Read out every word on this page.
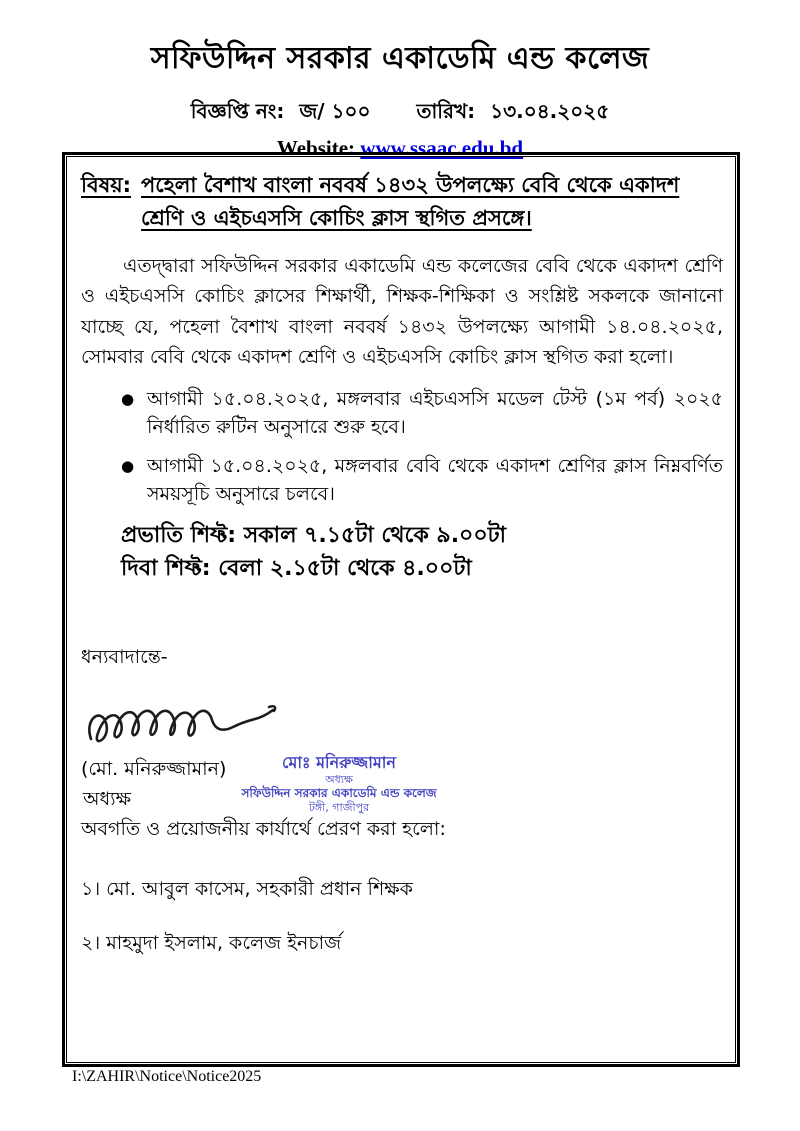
সফিউদ্দিন সরকার একাডেমি এন্ড কলেজ
বিজ্ঞপ্তি নং: জ/ ১০০ তারিখ: ১৩.০৪.২০২৫
Website: www.ssaac.edu.bd
বিষয়: পহেলা বৈশাখ বাংলা নববর্ষ ১৪৩২ উপলক্ষ্যে বেবি থেকে একাদশ শ্রেণি ও এইচএসসি কোচিং ক্লাস স্থগিত প্রসঙ্গে।
এতদ্দ্বারা সফিউদ্দিন সরকার একাডেমি এন্ড কলেজের বেবি থেকে একাদশ শ্রেণি ও এইচএসসি কোচিং ক্লাসের শিক্ষার্থী, শিক্ষক-শিক্ষিকা ও সংশ্লিষ্ট সকলকে জানানো যাচ্ছে যে, পহেলা বৈশাখ বাংলা নববর্ষ ১৪৩২ উপলক্ষ্যে আগামী ১৪.০৪.২০২৫, সোমবার বেবি থেকে একাদশ শ্রেণি ও এইচএসসি কোচিং ক্লাস স্থগিত করা হলো।
● আগামী ১৫.০৪.২০২৫, মঙ্গলবার এইচএসসি মডেল টেস্ট (১ম পর্ব) ২০২৫ নির্ধারিত রুটিন অনুসারে শুরু হবে।
● আগামী ১৫.০৪.২০২৫, মঙ্গলবার বেবি থেকে একাদশ শ্রেণির ক্লাস নিম্নবর্ণিত সময়সূচি অনুসারে চলবে।
প্রভাতি শিফ্ট: সকাল ৭.১৫টা থেকে ৯.০০টা
দিবা শিফ্ট: বেলা ২.১৫টা থেকে ৪.০০টা
ধন্যবাদান্তে-
(মো. মনিরুজ্জামান)	মোঃ মনিরুজ্জামান
অধ্যক্ষ
সফিউদ্দিন সরকার একাডেমি এন্ড কলেজ
টঙ্গী, গাজীপুর
অধ্যক্ষ
অবগতি ও প্রয়োজনীয় কার্যার্থে প্রেরণ করা হলো:
১। মো. আবুল কাসেম, সহকারী প্রধান শিক্ষক
২। মাহমুদা ইসলাম, কলেজ ইনচার্জ
I:\ZAHIR\Notice\Notice2025
